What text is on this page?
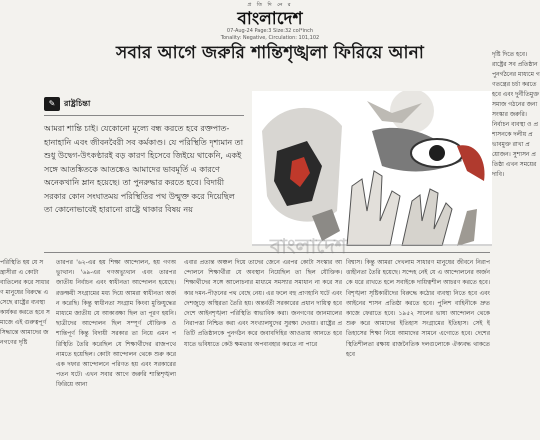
প্র তি দি নে র
বাংলাদেশ
07-Aug-24 Page:3 Size:32 col*inch
Tonality: Negative, Circulation: 101,102
সবার আগে জরুরি শান্তিশৃঙ্খলা ফিরিয়ে আনা
✎	রাষ্ট্রচিন্তা

আমরা শান্তি চাই। যেকোনো মূল্যে বন্ধ করতে হবে রক্তপাত-হানাহানি এবং জীবনবৈরী সব কর্মকাণ্ড। যে পরিস্থিতি দৃশ্যমান তা শুধু উদ্বেগ-উৎকণ্ঠারই বড় কারণ হিসেবে জিইয়ে থাকেনি, একই সঙ্গে আতঙ্কিতকে আতঙ্কেও আমাদের ভাবমূর্তি এ কারণে অনেকখানি ম্লান হয়েছে। তা পুনরুদ্ধার করতে হবে। বিদায়ী সরকার কোন সংঘাতময় পরিস্থিতির পথ উন্মুক্ত করে দিয়েছিল তা কোনোভাবেই হারানো রাষ্ট্রে থাকার বিষয় নয়

বাংলাদেশ
পরিস্থিতি হয় যে সন্ত্রাসীরা এ কোটা বাতিলের করে সাধারণ মানুষের বিরুদ্ধে এসেছে রাষ্ট্রের ব্যবস্থা কার্যকর করতে হবে সমাজে এই গুরুত্বপূর্ণ সিদ্ধান্তে আমাদের জনগণের দৃষ্টি
তারপর '৬২-এর হয় শিক্ষা আন্দোলন, হয় গণঅভ্যুত্থান। '৬৯-এর গণঅভ্যুত্থান এবং তারপর জাতীয় নির্বাচন এবং স্বাধীনতা আন্দোলন হয়েছে। রক্তক্ষয়ী সংগ্রামের মধ্য দিয়ে আমরা স্বাধীনতা অর্জন করেছি। কিন্তু স্বাধীনতা সংগ্রাম কিংবা মুক্তিযুদ্ধের মাধ্যমে জাতীয় যে আকাঙ্ক্ষা ছিল তা পূরণ হয়নি। ছাত্রীদের আন্দোলন ছিল সম্পূর্ণ যৌক্তিক ও শান্তিপূর্ণ কিন্তু বিদায়ী সরকার তা নিয়ে এমন পরিস্থিতি তৈরি করেছিল যে শিক্ষার্থীদের রাজপথে নামতে হয়েছিল। কোটা আন্দোলন থেকে শুরু করে এক দফার আন্দোলনে পরিণত হয় এবং সরকারের পতন ঘটে। এখন সবার আগে জরুরি শান্তিশৃঙ্খলা ফিরিয়ে আনা
এবার প্রত্যন্ত অঞ্চল দিয়ে তাদের জেনে এরপর কোটা সংস্কার আন্দোলনে শিক্ষার্থীরা যে অবস্থান নিয়েছিল তা ছিল যৌক্তিক। শিক্ষার্থীদের সঙ্গে আলোচনার মাধ্যমে সমস্যার সমাধান না করে সরকার দমন-পীড়নের পথ বেছে নেয়। এর ফলে বহু প্রাণহানি ঘটে এবং দেশজুড়ে অস্থিরতা তৈরি হয়। অন্তর্বর্তী সরকারের প্রধান দায়িত্ব হবে দেশে আইনশৃঙ্খলা পরিস্থিতি স্বাভাবিক করা। জনগণের জানমালের নিরাপত্তা নিশ্চিত করা এবং সংখ্যালঘুদের সুরক্ষা দেওয়া। রাষ্ট্রের প্রতিটি প্রতিষ্ঠানকে পুনর্গঠন করে জবাবদিহির আওতায় আনতে হবে যাতে ভবিষ্যতে কেউ ক্ষমতার অপব্যবহার করতে না পারে
বিশ্বাস। কিন্তু আমরা দেখলাম সাধারণ মানুষের জীবনে নিরাপত্তাহীনতা তৈরি হয়েছে। সন্দেহ নেই যে এ আন্দোলনের অর্জনকে ধরে রাখতে হলে সবাইকে দায়িত্বশীল আচরণ করতে হবে। বিশৃঙ্খলা সৃষ্টিকারীদের বিরুদ্ধে কঠোর ব্যবস্থা নিতে হবে এবং আইনের শাসন প্রতিষ্ঠা করতে হবে। পুলিশ বাহিনীকে দ্রুত কাজে ফেরাতে হবে। ১৯৫২ সালের ভাষা আন্দোলন থেকে শুরু করে আমাদের ইতিহাস সংগ্রামের ইতিহাস। সেই ইতিহাসের শিক্ষা নিয়ে আমাদের সামনে এগোতে হবে। দেশের স্থিতিশীলতা রক্ষায় রাজনৈতিক দলগুলোকে ঐক্যবদ্ধ থাকতে হবে
দৃষ্টি দিতে হবে। রাষ্ট্রের সব প্রতিষ্ঠান পুনর্গঠনের মাধ্যমে গণতন্ত্রের চর্চা করতে হবে এবং দুর্নীতিমুক্ত সমাজ গঠনের জন্য সংস্কার জরুরি। নির্বাচন ব্যবস্থা ও প্রশাসনকে দলীয় প্রভাবমুক্ত রাখা প্রয়োজন। সুশাসন প্রতিষ্ঠা এখন সময়ের দাবি।
